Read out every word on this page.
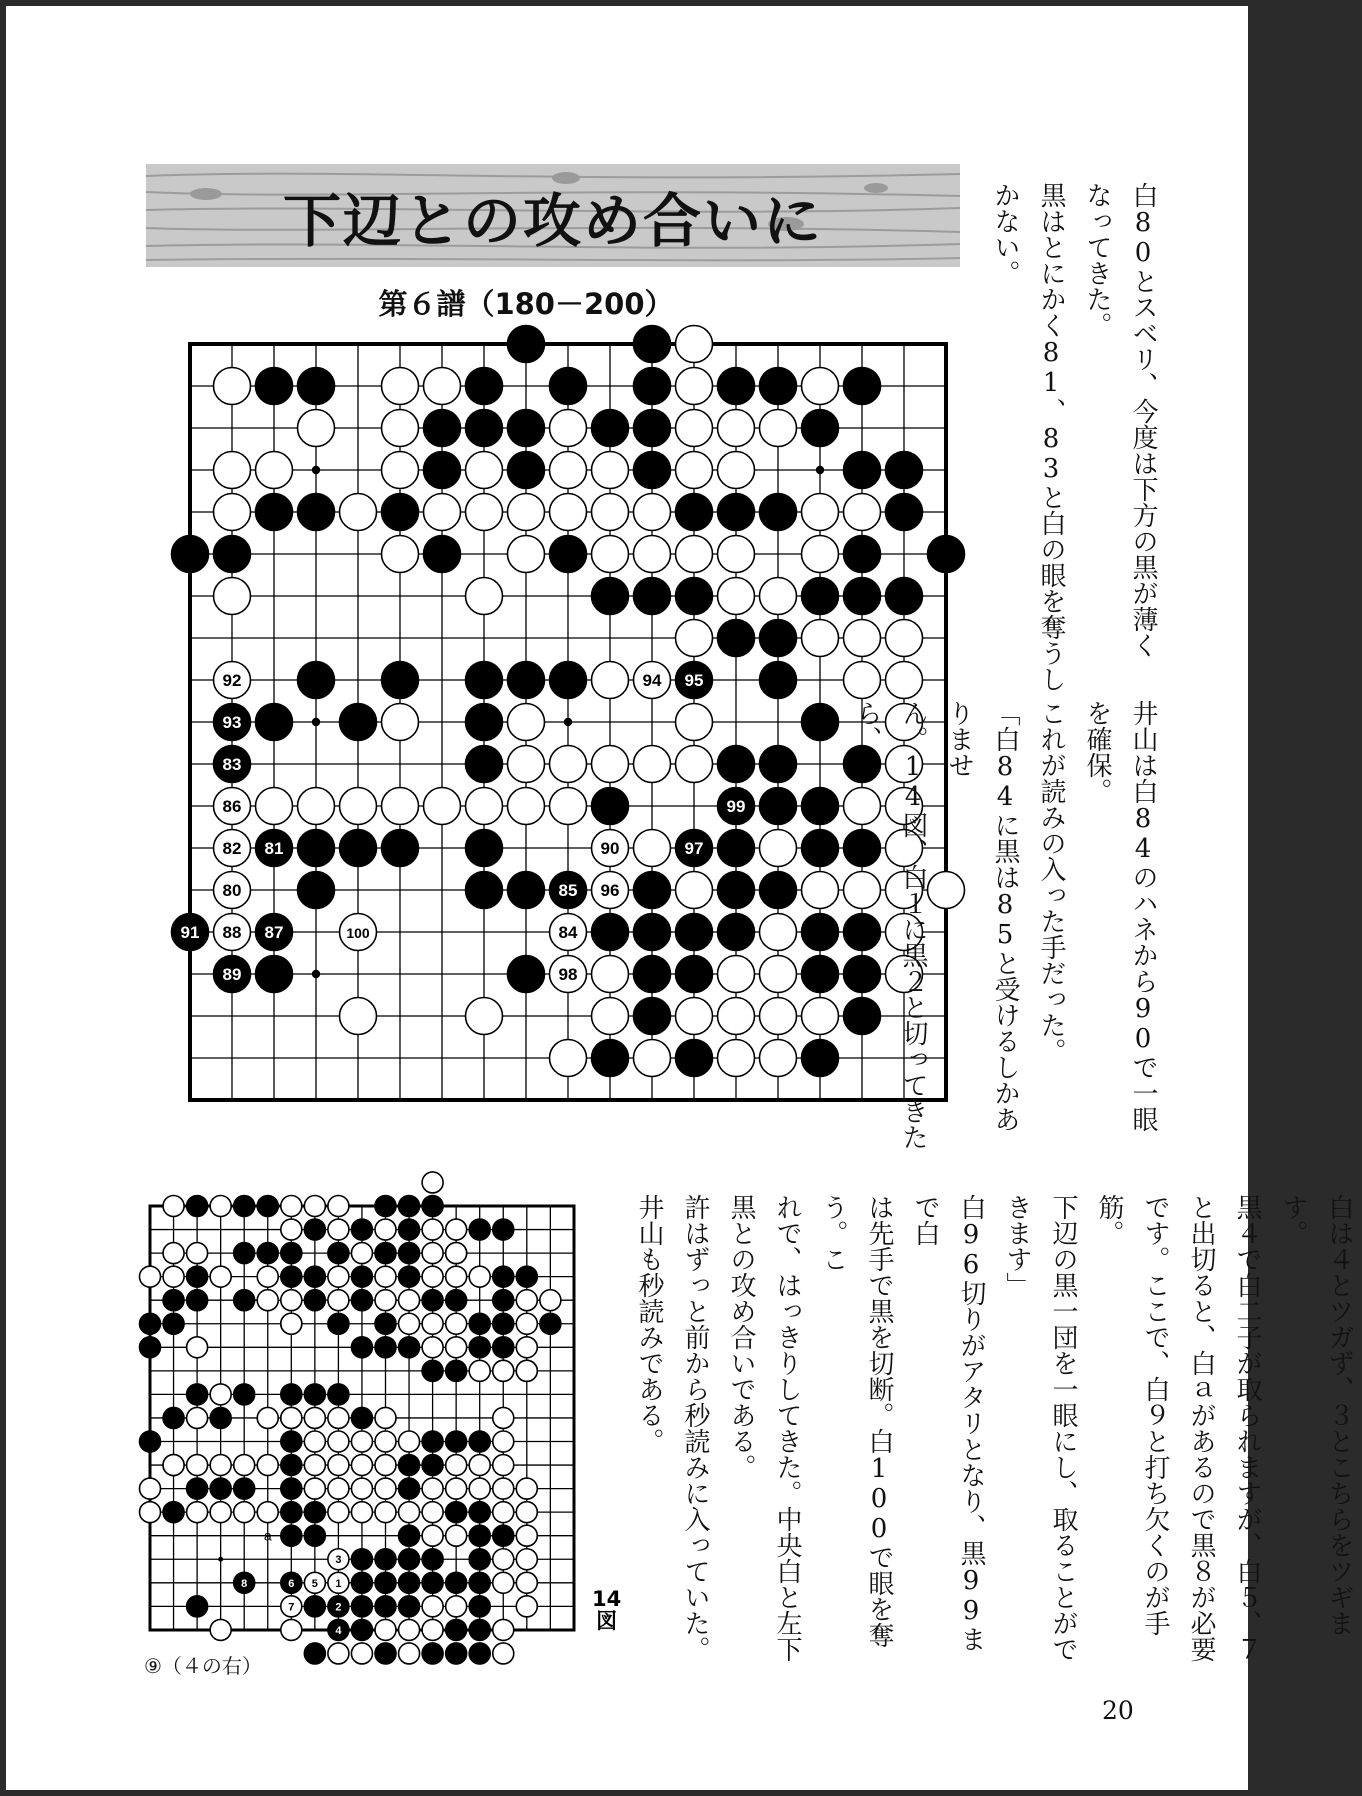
下辺との攻め合いに
第６譜（180－200）
92
93
83
86
82 81
80
91 88 87	100
89
94 95
99
90	97
85 96
84
98
白80とスベリ、今度は下方の黒が薄く
なってきた。
黒はとにかく81、83と白の眼を奪うし
かない。
井山は白84のハネから90で一眼を確保。
これが読みの入った手だった。
「白84に黒は85と受けるしかありませ
ん。14図、白１に黒２と切ってきたら、
3
8	6 5 1
7	2
4
a
14
図
⑨（４の右）
白は４とツガず、３とこちらをツギます。
黒４で白二子が取られますが、白５、７
と出切ると、白ａがあるので黒８が必要
です。ここで、白９と打ち欠くのが手筋。
下辺の黒一団を一眼にし、取ることがで
きます」
白96切りがアタリとなり、黒99まで白
は先手で黒を切断。白100で眼を奪う。こ
れで、はっきりしてきた。中央白と左下
黒との攻め合いである。
許はずっと前から秒読みに入っていた。
井山も秒読みである。
20
